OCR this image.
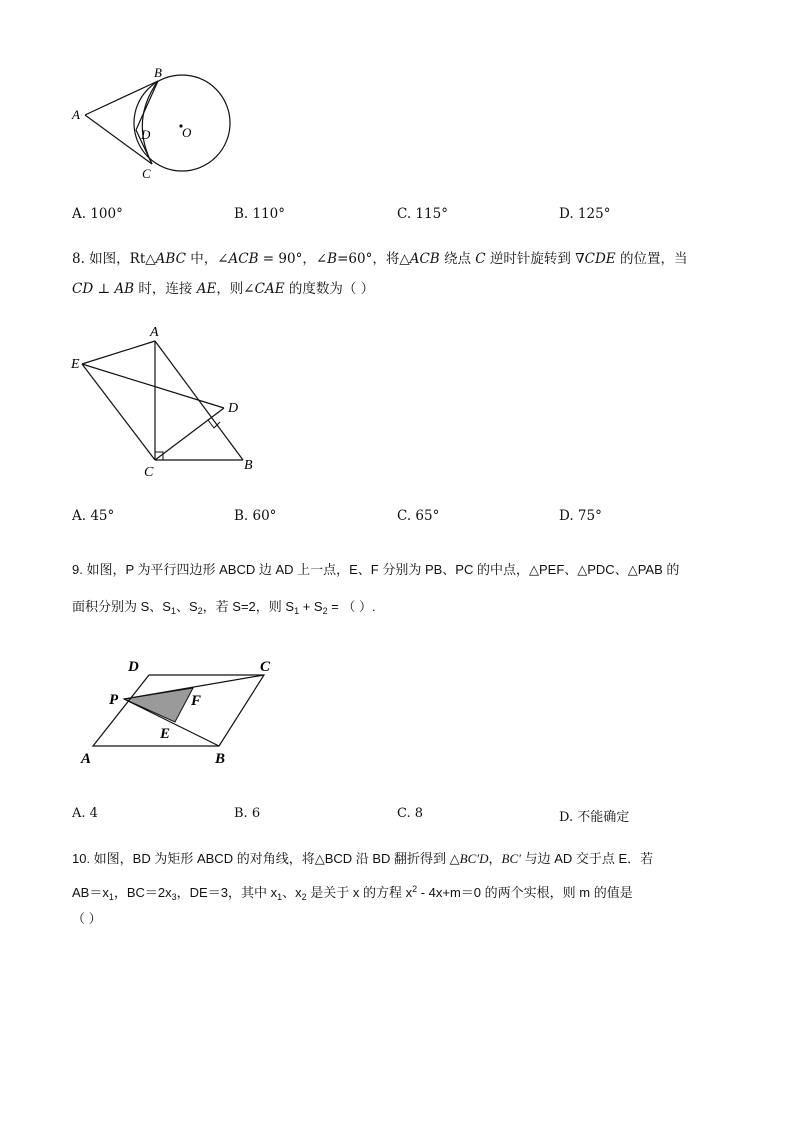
A
B
C
D O
A. 100°	B. 110°	C. 115°	D. 125°
8. 如图，Rt△ABC 中，∠ACB = 90°，∠B=60°，将△ACB 绕点 C 逆时针旋转到 ∇CDE 的位置，当
CD ⊥ AB 时，连接 AE，则∠CAE 的度数为（ ）
A
E
D
C	B
A. 45°	B. 60°	C. 65°	D. 75°
9. 如图，P 为平行四边形 ABCD 边 AD 上一点，E、F 分别为 PB、PC 的中点，△PEF、△PDC、△PAB 的
面积分别为 S、$S_1$、$S_2$，若 S=2，则 $S_1 + S_2$ = （ ）.
D	C
P	F
E
A	B
A. 4	B. 6	C. 8	D. 不能确定
10. 如图，BD 为矩形 ABCD 的对角线，将△BCD 沿 BD 翻折得到 △BC′D，BC′ 与边 AD 交于点 E．若
$AB=x_1$，$BC=2x_3$，DE＝3，其中 $x_1$、$x_2$ 是关于 x 的方程 $x^2 - 4x+m=0$ 的两个实根，则 m 的值是
（ ）
